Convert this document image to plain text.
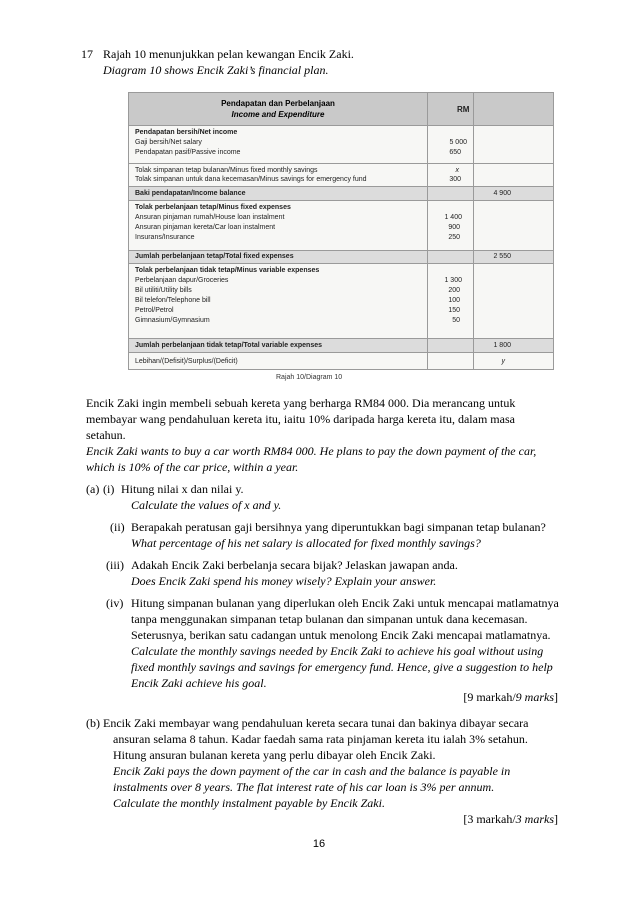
17 Rajah 10 menunjukkan pelan kewangan Encik Zaki.
Diagram 10 shows Encik Zaki’s financial plan.
Pendapatan dan Perbelanjaan
Income and Expenditure
RM
Pendapatan bersih/Net income
Gaji bersih/Net salary	5 000
Pendapatan pasif/Passive income	650
Tolak simpanan tetap bulanan/Minus fixed monthly savings	x
Tolak simpanan untuk dana kecemasan/Minus savings for emergency fund	300
Baki pendapatan/Income balance	4 900
Tolak perbelanjaan tetap/Minus fixed expenses
Ansuran pinjaman rumah/House loan instalment	1 400
Ansuran pinjaman kereta/Car loan instalment	900
Insurans/Insurance	250
Jumlah perbelanjaan tetap/Total fixed expenses	2 550
Tolak perbelanjaan tidak tetap/Minus variable expenses
Perbelanjaan dapur/Groceries	1 300
Bil utiliti/Utility bills	200
Bil telefon/Telephone bill	100
Petrol/Petrol	150
Gimnasium/Gymnasium	50
Jumlah perbelanjaan tidak tetap/Total variable expenses	1 800
Lebihan/(Defisit)/Surplus/(Deficit)	y
Rajah 10/Diagram 10
Encik Zaki ingin membeli sebuah kereta yang berharga RM84 000. Dia merancang untuk
membayar wang pendahuluan kereta itu, iaitu 10% daripada harga kereta itu, dalam masa
setahun.
Encik Zaki wants to buy a car worth RM84 000. He plans to pay the down payment of the car,
which is 10% of the car price, within a year.
(a) (i) Hitung nilai x dan nilai y.
Calculate the values of x and y.
(ii) Berapakah peratusan gaji bersihnya yang diperuntukkan bagi simpanan tetap bulanan?
What percentage of his net salary is allocated for fixed monthly savings?
(iii) Adakah Encik Zaki berbelanja secara bijak? Jelaskan jawapan anda.
Does Encik Zaki spend his money wisely? Explain your answer.
(iv) Hitung simpanan bulanan yang diperlukan oleh Encik Zaki untuk mencapai matlamatnya
tanpa menggunakan simpanan tetap bulanan dan simpanan untuk dana kecemasan.
Seterusnya, berikan satu cadangan untuk menolong Encik Zaki mencapai matlamatnya.
Calculate the monthly savings needed by Encik Zaki to achieve his goal without using
fixed monthly savings and savings for emergency fund. Hence, give a suggestion to help
Encik Zaki achieve his goal.
[9 markah/9 marks]
(b) Encik Zaki membayar wang pendahuluan kereta secara tunai dan bakinya dibayar secara
ansuran selama 8 tahun. Kadar faedah sama rata pinjaman kereta itu ialah 3% setahun.
Hitung ansuran bulanan kereta yang perlu dibayar oleh Encik Zaki.
Encik Zaki pays the down payment of the car in cash and the balance is payable in
instalments over 8 years. The flat interest rate of his car loan is 3% per annum.
Calculate the monthly instalment payable by Encik Zaki.
[3 markah/3 marks]
16
